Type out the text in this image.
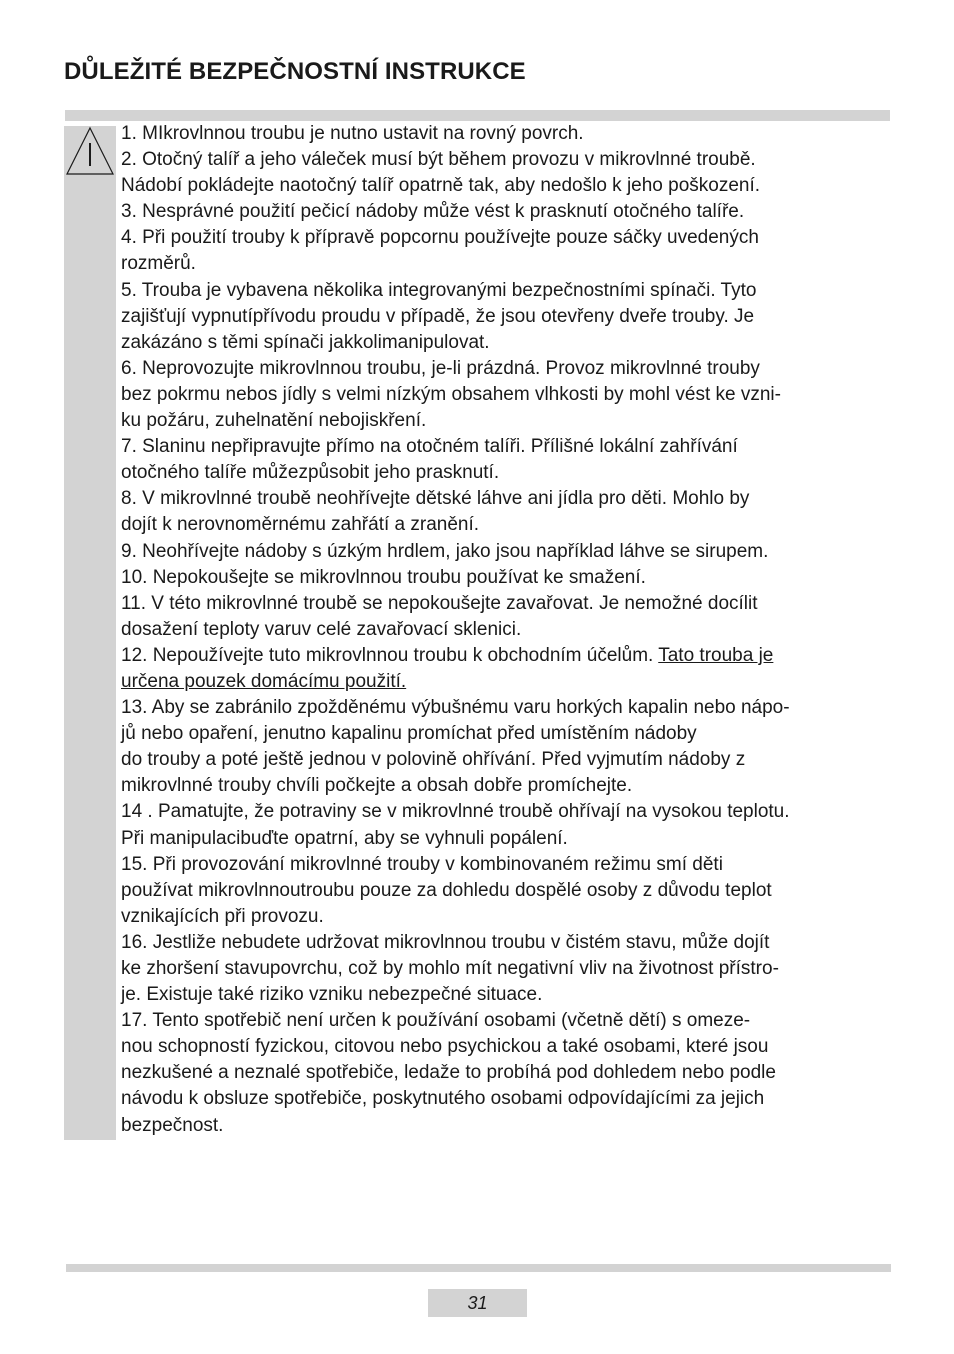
DŮLEŽITÉ BEZPEČNOSTNÍ INSTRUKCE

1. MIkrovlnnou troubu je nutno ustavit na rovný povrch.

2. Otočný talíř a jeho váleček musí být během provozu v mikrovlnné troubě.
Nádobí pokládejte naotočný talíř opatrně tak, aby nedošlo k jeho poškození.

3. Nesprávné použití pečicí nádoby může vést k prasknutí otočného talíře.

4. Při použití trouby k přípravě popcornu používejte pouze sáčky uvedených
rozměrů.

5. Trouba je vybavena několika integrovanými bezpečnostními spínači. Tyto
zajišťují vypnutípřívodu proudu v případě, že jsou otevřeny dveře trouby. Je
zakázáno s těmi spínači jakkolimanipulovat.

6. Neprovozujte mikrovlnnou troubu, je-li prázdná. Provoz mikrovlnné trouby
bez pokrmu nebos jídly s velmi nízkým obsahem vlhkosti by mohl vést ke vzni-
ku požáru, zuhelnatění nebojiskření.

7. Slaninu nepřipravujte přímo na otočném talíři. Přílišné lokální zahřívání
otočného talíře můžezpůsobit jeho prasknutí.

8. V mikrovlnné troubě neohřívejte dětské láhve ani jídla pro děti. Mohlo by
dojít k nerovnoměrnému zahřátí a zranění.

9. Neohřívejte nádoby s úzkým hrdlem, jako jsou například láhve se sirupem.

10. Nepokoušejte se mikrovlnnou troubu používat ke smažení.

11. V této mikrovlnné troubě se nepokoušejte zavařovat. Je nemožné docílit
dosažení teploty varuv celé zavařovací sklenici.

12. Nepoužívejte tuto mikrovlnnou troubu k obchodním účelům. Tato trouba je
určena pouzek domácímu použití.

13. Aby se zabránilo zpožděnému výbušnému varu horkých kapalin nebo nápo-
jů nebo opaření, jenutno kapalinu promíchat před umístěním nádoby
do trouby a poté ještě jednou v polovině ohřívání. Před vyjmutím nádoby z
mikrovlnné trouby chvíli počkejte a obsah dobře promíchejte.

14 . Pamatujte, že potraviny se v mikrovlnné troubě ohřívají na vysokou teplotu.
Při manipulacibuďte opatrní, aby se vyhnuli popálení.

15. Při provozování mikrovlnné trouby v kombinovaném režimu smí děti
používat mikrovlnnoutroubu pouze za dohledu dospělé osoby z důvodu teplot
vznikajících při provozu.

16. Jestliže nebudete udržovat mikrovlnnou troubu v čistém stavu, může dojít
ke zhoršení stavupovrchu, což by mohlo mít negativní vliv na životnost přístro-
je. Existuje také riziko vzniku nebezpečné situace.

17. Tento spotřebič není určen k používání osobami (včetně dětí) s omeze-
nou schopností fyzickou, citovou nebo psychickou a také osobami, které jsou
nezkušené a neznalé spotřebiče, ledaže to probíhá pod dohledem nebo podle
návodu k obsluze spotřebiče, poskytnutého osobami odpovídajícími za jejich
bezpečnost.

31
